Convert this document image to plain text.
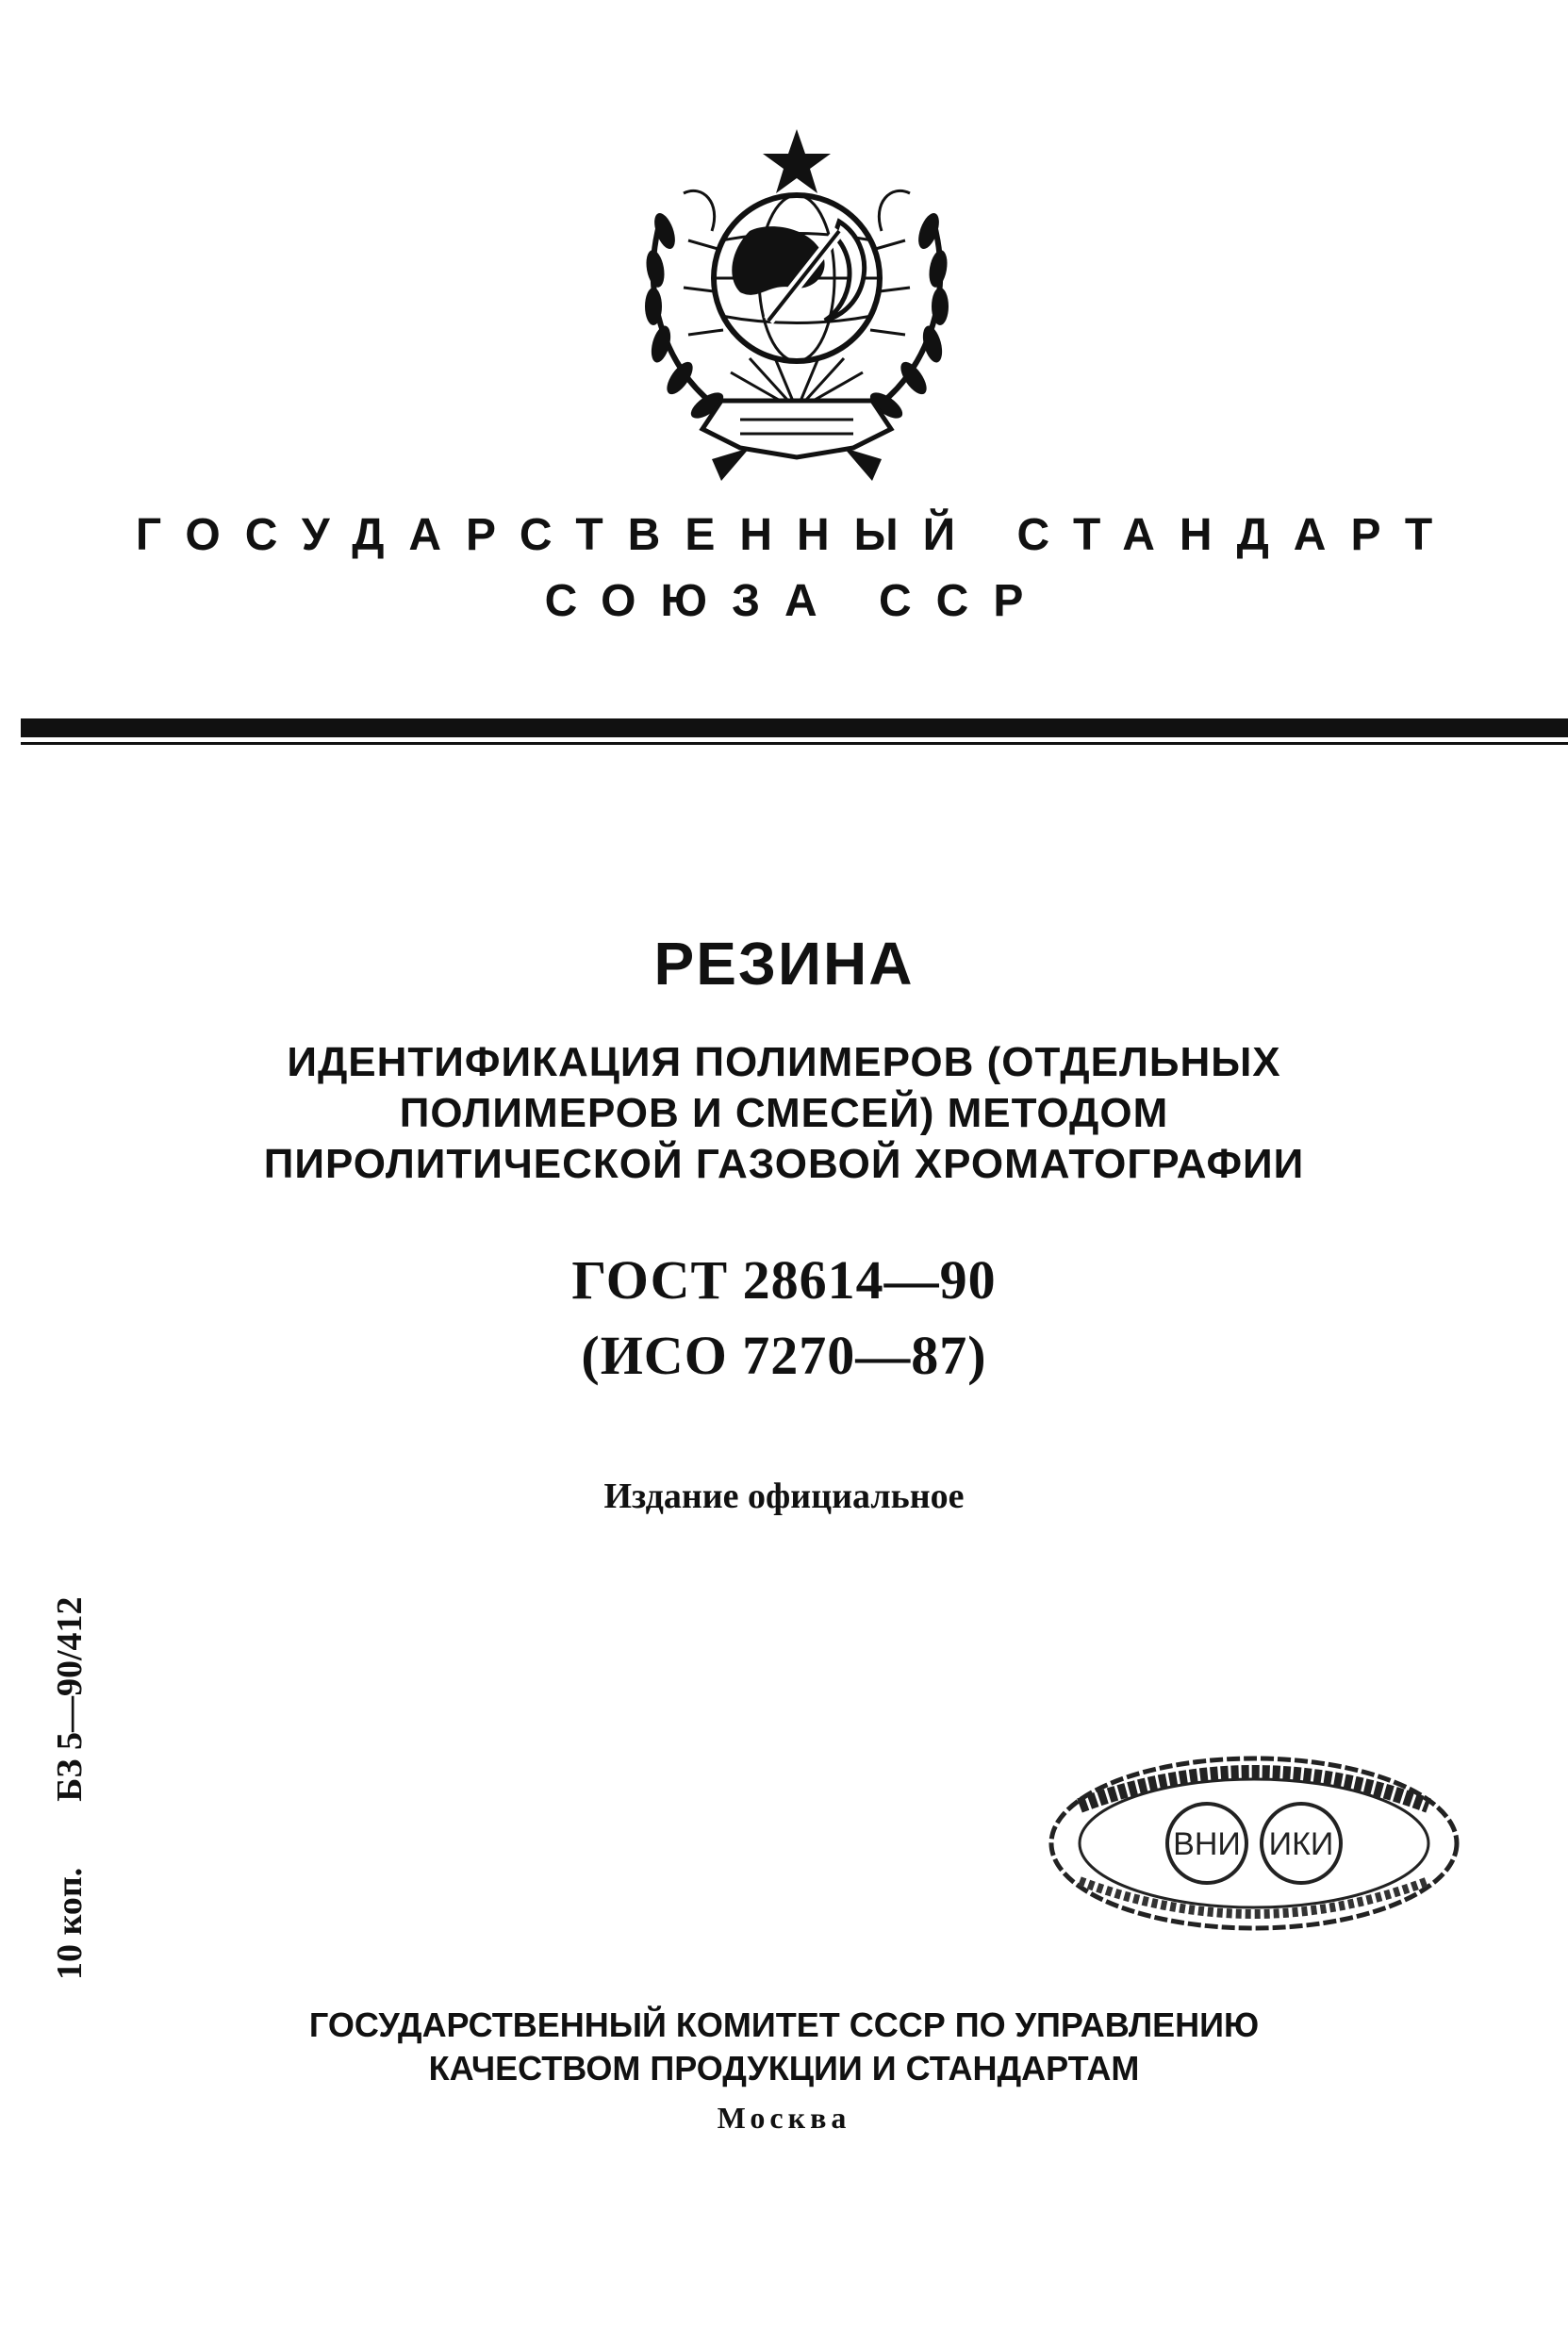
ГОСУДАРСТВЕННЫЙ СТАНДАРТ
СОЮЗА ССР
РЕЗИНА
ИДЕНТИФИКАЦИЯ ПОЛИМЕРОВ (ОТДЕЛЬНЫХ
ПОЛИМЕРОВ И СМЕСЕЙ) МЕТОДОМ
ПИРОЛИТИЧЕСКОЙ ГАЗОВОЙ ХРОМАТОГРАФИИ
ГОСТ 28614—90
(ИСО 7270—87)
Издание официальное
10 коп.БЗ 5—90/412
ВНИ ИКИ
ГОСУДАРСТВЕННЫЙ КОМИТЕТ СССР ПО УПРАВЛЕНИЮ
КАЧЕСТВОМ ПРОДУКЦИИ И СТАНДАРТАМ
Москва
